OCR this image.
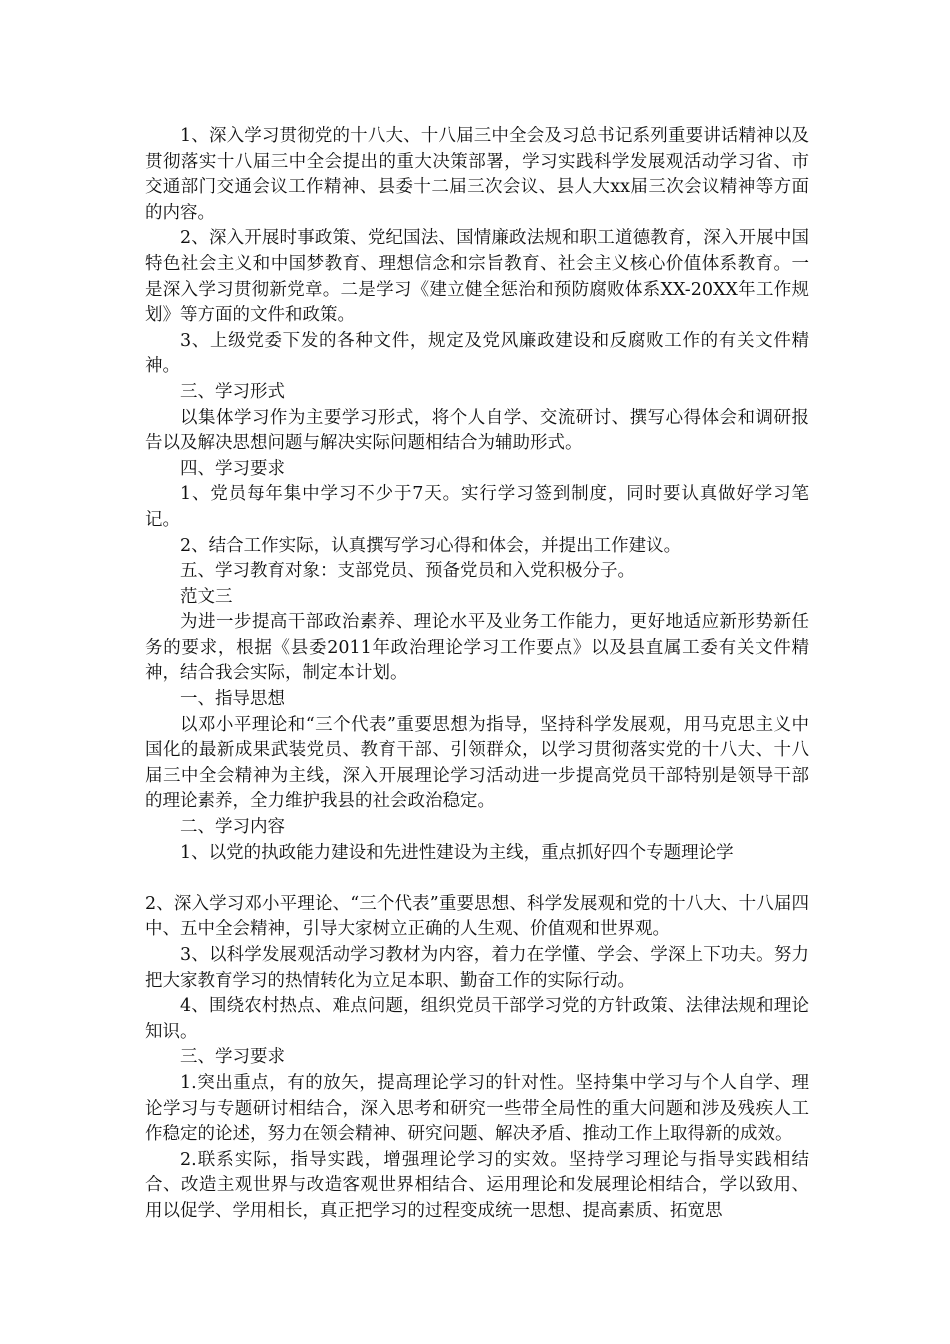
1、深入学习贯彻党的十八大、十八届三中全会及习总书记系列重要讲话精神以及贯彻落实十八届三中全会提出的重大决策部署，学习实践科学发展观活动学习省、市交通部门交通会议工作精神、县委十二届三次会议、县人大xx届三次会议精神等方面的内容。

2、深入开展时事政策、党纪国法、国情廉政法规和职工道德教育，深入开展中国特色社会主义和中国梦教育、理想信念和宗旨教育、社会主义核心价值体系教育。一是深入学习贯彻新党章。二是学习《建立健全惩治和预防腐败体系XX-20XX年工作规划》等方面的文件和政策。

3、上级党委下发的各种文件，规定及党风廉政建设和反腐败工作的有关文件精神。

三、学习形式

以集体学习作为主要学习形式，将个人自学、交流研讨、撰写心得体会和调研报告以及解决思想问题与解决实际问题相结合为辅助形式。

四、学习要求

1、党员每年集中学习不少于7天。实行学习签到制度，同时要认真做好学习笔记。

2、结合工作实际，认真撰写学习心得和体会，并提出工作建议。

五、学习教育对象：支部党员、预备党员和入党积极分子。

范文三

为进一步提高干部政治素养、理论水平及业务工作能力，更好地适应新形势新任务的要求，根据《县委2011年政治理论学习工作要点》以及县直属工委有关文件精神，结合我会实际，制定本计划。

一、指导思想

以邓小平理论和“三个代表”重要思想为指导，坚持科学发展观，用马克思主义中国化的最新成果武装党员、教育干部、引领群众，以学习贯彻落实党的十八大、十八届三中全会精神为主线，深入开展理论学习活动进一步提高党员干部特别是领导干部的理论素养，全力维护我县的社会政治稳定。

二、学习内容

1、以党的执政能力建设和先进性建设为主线，重点抓好四个专题理论学

2、深入学习邓小平理论、“三个代表”重要思想、科学发展观和党的十八大、十八届四中、五中全会精神，引导大家树立正确的人生观、价值观和世界观。

3、以科学发展观活动学习教材为内容，着力在学懂、学会、学深上下功夫。努力把大家教育学习的热情转化为立足本职、勤奋工作的实际行动。

4、围绕农村热点、难点问题，组织党员干部学习党的方针政策、法律法规和理论知识。

三、学习要求

1.突出重点，有的放矢，提高理论学习的针对性。坚持集中学习与个人自学、理论学习与专题研讨相结合，深入思考和研究一些带全局性的重大问题和涉及残疾人工作稳定的论述，努力在领会精神、研究问题、解决矛盾、推动工作上取得新的成效。

2.联系实际，指导实践，增强理论学习的实效。坚持学习理论与指导实践相结合、改造主观世界与改造客观世界相结合、运用理论和发展理论相结合，学以致用、用以促学、学用相长，真正把学习的过程变成统一思想、提高素质、拓宽思
